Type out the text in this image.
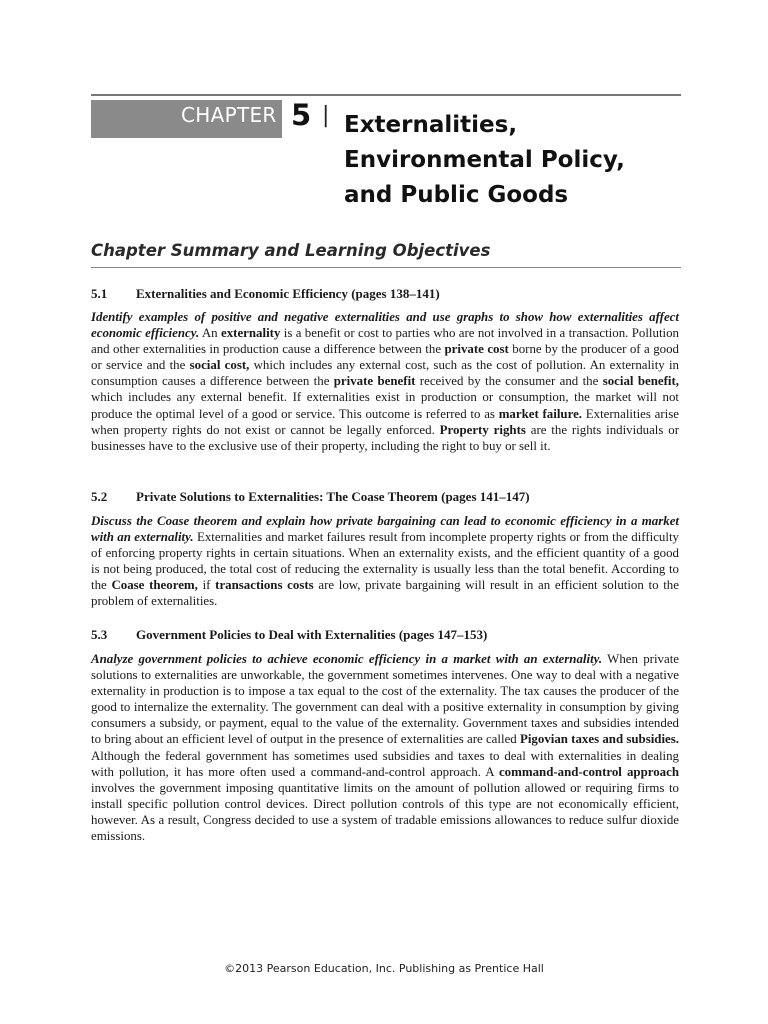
CHAPTER 5 | Externalities,
Environmental Policy,
and Public Goods
Chapter Summary and Learning Objectives
5.1 Externalities and Economic Efficiency (pages 138–141)
Identify examples of positive and negative externalities and use graphs to show how externalities affect economic efficiency. An externality is a benefit or cost to parties who are not involved in a transaction. Pollution and other externalities in production cause a difference between the private cost borne by the producer of a good or service and the social cost, which includes any external cost, such as the cost of pollution. An externality in consumption causes a difference between the private benefit received by the consumer and the social benefit, which includes any external benefit. If externalities exist in production or consumption, the market will not produce the optimal level of a good or service. This outcome is referred to as market failure. Externalities arise when property rights do not exist or cannot be legally enforced. Property rights are the rights individuals or businesses have to the exclusive use of their property, including the right to buy or sell it.
5.2 Private Solutions to Externalities: The Coase Theorem (pages 141–147)
Discuss the Coase theorem and explain how private bargaining can lead to economic efficiency in a market with an externality. Externalities and market failures result from incomplete property rights or from the difficulty of enforcing property rights in certain situations. When an externality exists, and the efficient quantity of a good is not being produced, the total cost of reducing the externality is usually less than the total benefit. According to the Coase theorem, if transactions costs are low, private bargaining will result in an efficient solution to the problem of externalities.
5.3 Government Policies to Deal with Externalities (pages 147–153)
Analyze government policies to achieve economic efficiency in a market with an externality. When private solutions to externalities are unworkable, the government sometimes intervenes. One way to deal with a negative externality in production is to impose a tax equal to the cost of the externality. The tax causes the producer of the good to internalize the externality. The government can deal with a positive externality in consumption by giving consumers a subsidy, or payment, equal to the value of the externality. Government taxes and subsidies intended to bring about an efficient level of output in the presence of externalities are called Pigovian taxes and subsidies. Although the federal government has sometimes used subsidies and taxes to deal with externalities in dealing with pollution, it has more often used a command-and-control approach. A command-and-control approach involves the government imposing quantitative limits on the amount of pollution allowed or requiring firms to install specific pollution control devices. Direct pollution controls of this type are not economically efficient, however. As a result, Congress decided to use a system of tradable emissions allowances to reduce sulfur dioxide emissions.
©2013 Pearson Education, Inc. Publishing as Prentice Hall
